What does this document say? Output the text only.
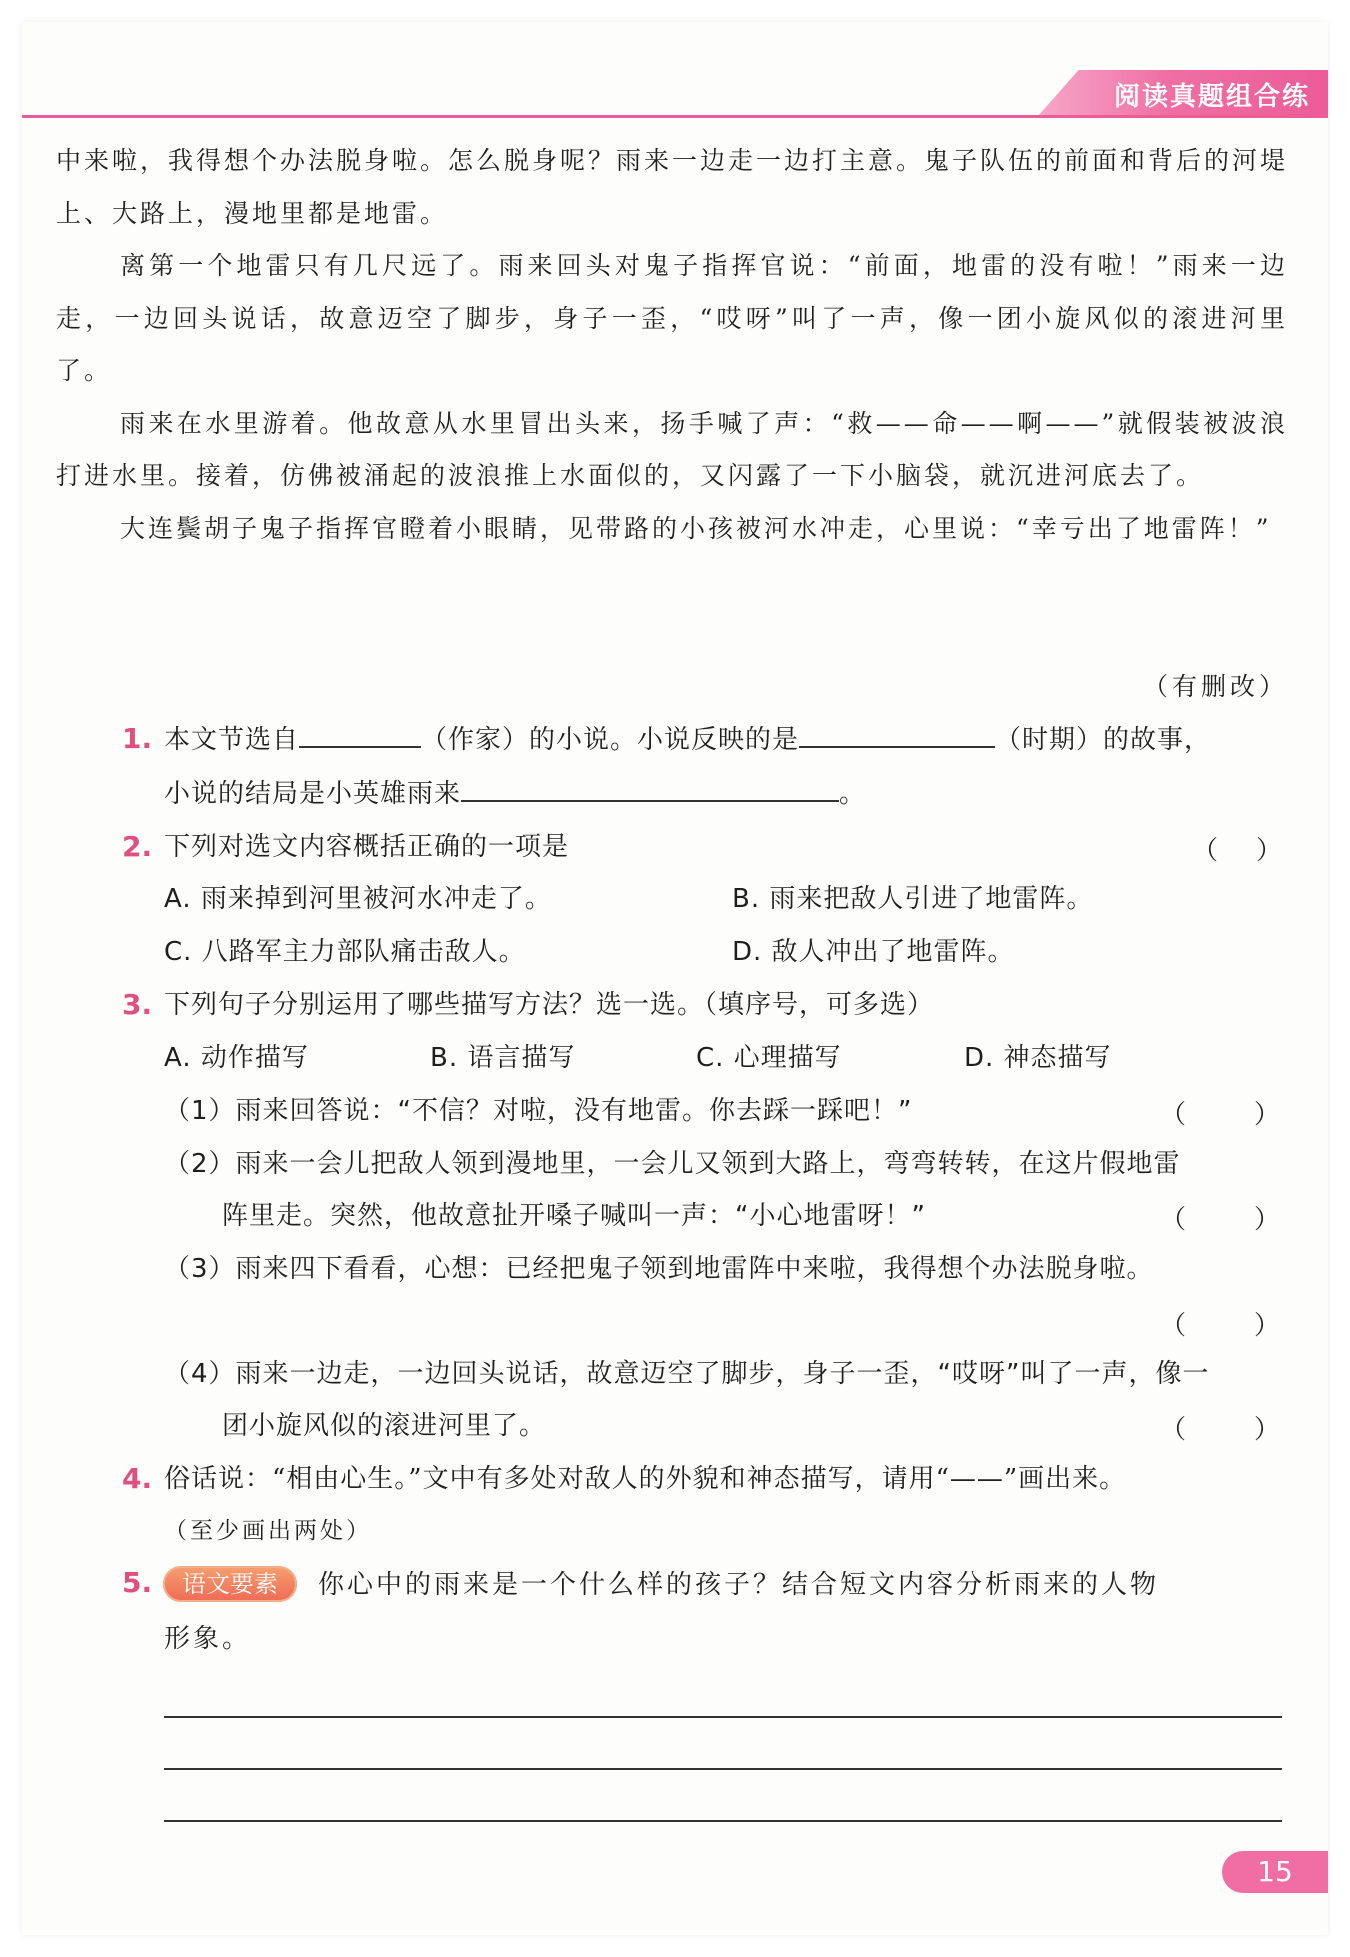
阅读真题组合练

中来啦，我得想个办法脱身啦。怎么脱身呢？雨来一边走一边打主意。鬼子队伍的前面和背后的河堤上、大路上，漫地里都是地雷。

离第一个地雷只有几尺远了。雨来回头对鬼子指挥官说：“前面，地雷的没有啦！”雨来一边走，一边回头说话，故意迈空了脚步，身子一歪，“哎呀”叫了一声，像一团小旋风似的滚进河里了。

雨来在水里游着。他故意从水里冒出头来，扬手喊了声：“救——命——啊——”就假装被波浪打进水里。接着，仿佛被涌起的波浪推上水面似的，又闪露了一下小脑袋，就沉进河底去了。

大连鬓胡子鬼子指挥官瞪着小眼睛，见带路的小孩被河水冲走，心里说：“幸亏出了地雷阵！”

（有删改）
1. 本文节选自	（作家）的小说。小说反映的是	（时期）的故事，
小说的结局是小英雄雨来	。
2. 下列对选文内容概括正确的一项是	（ ）
A. 雨来掉到河里被河水冲走了。	B. 雨来把敌人引进了地雷阵。
C. 八路军主力部队痛击敌人。	D. 敌人冲出了地雷阵。
3. 下列句子分别运用了哪些描写方法？选一选。（填序号，可多选）
A. 动作描写	B. 语言描写	C. 心理描写	D. 神态描写
（1）雨来回答说：“不信？对啦，没有地雷。你去踩一踩吧！”	（	）
（2）雨来一会儿把敌人领到漫地里，一会儿又领到大路上，弯弯转转，在这片假地雷
阵里走。突然，他故意扯开嗓子喊叫一声：“小心地雷呀！”	（	）
（3）雨来四下看看，心想：已经把鬼子领到地雷阵中来啦，我得想个办法脱身啦。
（	）
（4）雨来一边走，一边回头说话，故意迈空了脚步，身子一歪，“哎呀”叫了一声，像一
团小旋风似的滚进河里了。	（	）
4. 俗话说：“相由心生。”文中有多处对敌人的外貌和神态描写，请用“——”画出来。
（至少画出两处）
5.	语文要素	你心中的雨来是一个什么样的孩子？结合短文内容分析雨来的人物
形象。
15
